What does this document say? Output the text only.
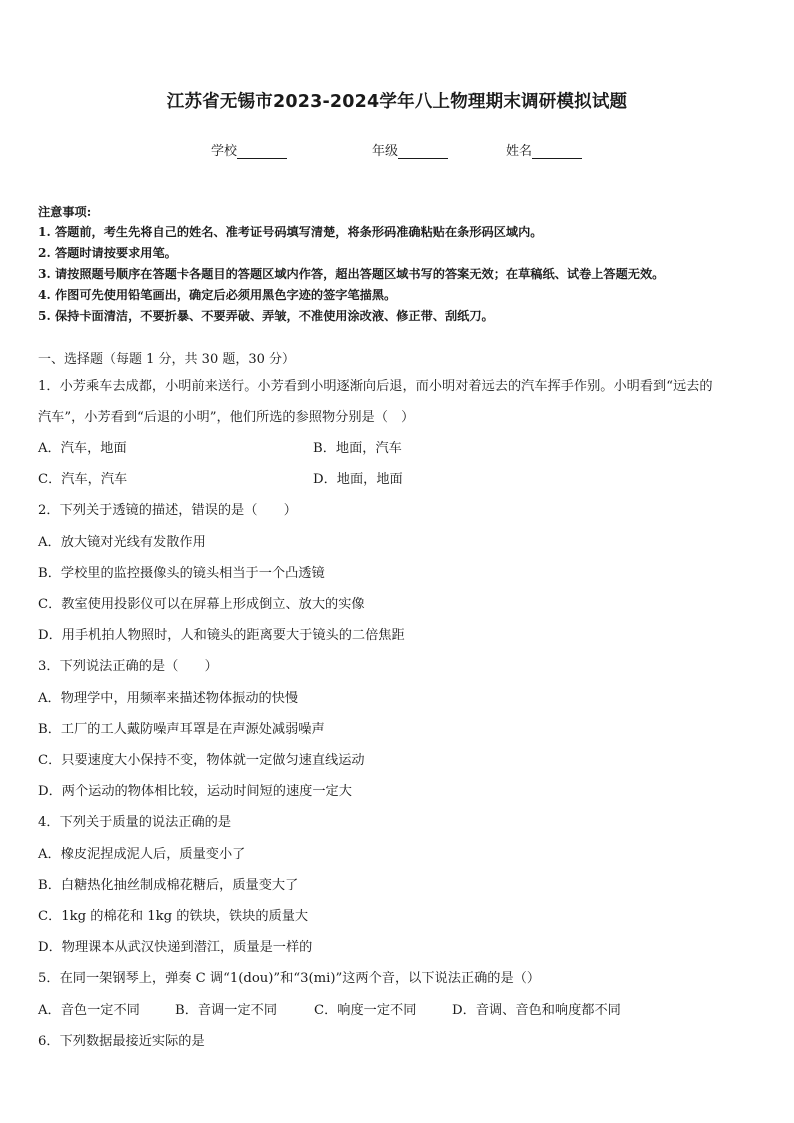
江苏省无锡市2023-2024学年八上物理期末调研模拟试题
学校	年级	姓名
注意事项:
1. 答题前，考生先将自己的姓名、准考证号码填写清楚，将条形码准确粘贴在条形码区域内。
2. 答题时请按要求用笔。
3. 请按照题号顺序在答题卡各题目的答题区域内作答，超出答题区域书写的答案无效；在草稿纸、试卷上答题无效。
4. 作图可先使用铅笔画出，确定后必须用黑色字迹的签字笔描黑。
5. 保持卡面清洁，不要折暴、不要弄破、弄皱，不准使用涂改液、修正带、刮纸刀。
一、选择题（每题 1 分，共 30 题，30 分）
1．小芳乘车去成都，小明前来送行。小芳看到小明逐渐向后退，而小明对着远去的汽车挥手作别。小明看到“远去的
汽车”，小芳看到“后退的小明”，他们所选的参照物分别是（　）
A．汽车，地面	B．地面，汽车
C．汽车，汽车	D．地面，地面
2．下列关于透镜的描述，错误的是（　　）
A．放大镜对光线有发散作用
B．学校里的监控摄像头的镜头相当于一个凸透镜
C．教室使用投影仪可以在屏幕上形成倒立、放大的实像
D．用手机拍人物照时，人和镜头的距离要大于镜头的二倍焦距
3．下列说法正确的是（　　）
A．物理学中，用频率来描述物体振动的快慢
B．工厂的工人戴防噪声耳罩是在声源处减弱噪声
C．只要速度大小保持不变，物体就一定做匀速直线运动
D．两个运动的物体相比较，运动时间短的速度一定大
4．下列关于质量的说法正确的是
A．橡皮泥捏成泥人后，质量变小了
B．白糖热化抽丝制成棉花糖后，质量变大了
C．1kg 的棉花和 1kg 的铁块，铁块的质量大
D．物理课本从武汉快递到潜江，质量是一样的
5．在同一架钢琴上，弹奏 C 调“1(dou)”和“3(mi)”这两个音，以下说法正确的是（）
A．音色一定不同	B．音调一定不同	C．响度一定不同	D．音调、音色和响度都不同
6．下列数据最接近实际的是
